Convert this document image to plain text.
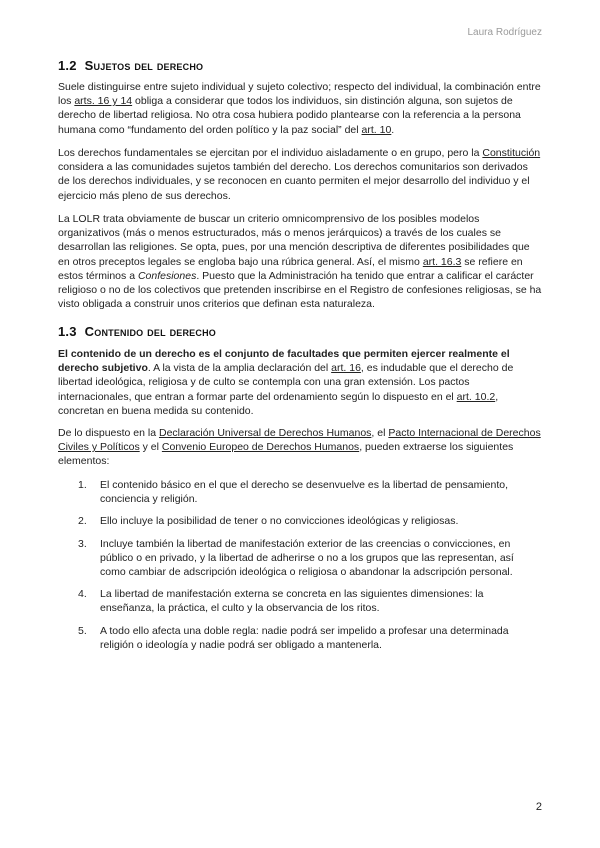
Laura Rodríguez
1.2 Sujetos del derecho

Suele distinguirse entre sujeto individual y sujeto colectivo; respecto del individual, la combinación entre los arts. 16 y 14 obliga a considerar que todos los individuos, sin distinción alguna, son sujetos de derecho de libertad religiosa. No otra cosa hubiera podido plantearse con la referencia a la persona humana como “fundamento del orden político y la paz social” del art. 10.

Los derechos fundamentales se ejercitan por el individuo aisladamente o en grupo, pero la Constitución considera a las comunidades sujetos también del derecho. Los derechos comunitarios son derivados de los derechos individuales, y se reconocen en cuanto permiten el mejor desarrollo del individuo y el ejercicio más pleno de sus derechos.

La LOLR trata obviamente de buscar un criterio omnicomprensivo de los posibles modelos organizativos (más o menos estructurados, más o menos jerárquicos) a través de los cuales se desarrollan las religiones. Se opta, pues, por una mención descriptiva de diferentes posibilidades que en otros preceptos legales se engloba bajo una rúbrica general. Así, el mismo art. 16.3 se refiere en estos términos a Confesiones. Puesto que la Administración ha tenido que entrar a calificar el carácter religioso o no de los colectivos que pretenden inscribirse en el Registro de confesiones religiosas, se ha visto obligada a construir unos criterios que definan esta naturaleza.

1.3 Contenido del derecho

El contenido de un derecho es el conjunto de facultades que permiten ejercer realmente el derecho subjetivo. A la vista de la amplia declaración del art. 16, es indudable que el derecho de libertad ideológica, religiosa y de culto se contempla con una gran extensión. Los pactos internacionales, que entran a formar parte del ordenamiento según lo dispuesto en el art. 10.2, concretan en buena medida su contenido.

De lo dispuesto en la Declaración Universal de Derechos Humanos, el Pacto Internacional de Derechos Civiles y Políticos y el Convenio Europeo de Derechos Humanos, pueden extraerse los siguientes elementos:

1. El contenido básico en el que el derecho se desenvuelve es la libertad de pensamiento, conciencia y religión.
2. Ello incluye la posibilidad de tener o no convicciones ideológicas y religiosas.
3. Incluye también la libertad de manifestación exterior de las creencias o convicciones, en público o en privado, y la libertad de adherirse o no a los grupos que las representan, así como cambiar de adscripción ideológica o religiosa o abandonar la adscripción personal.
4. La libertad de manifestación externa se concreta en las siguientes dimensiones: la enseñanza, la práctica, el culto y la observancia de los ritos.
5. A todo ello afecta una doble regla: nadie podrá ser impelido a profesar una determinada religión o ideología y nadie podrá ser obligado a mantenerla.
2
